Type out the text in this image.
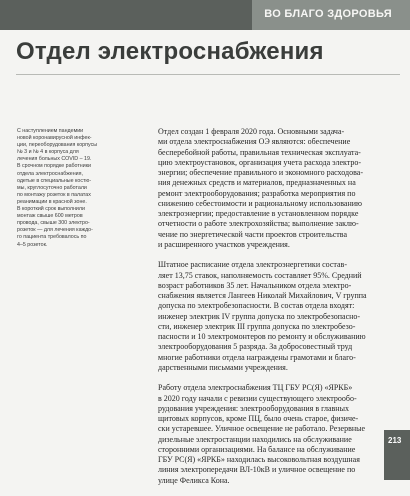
ВО БЛАГО ЗДОРОВЬЯ
Отдел электроснабжения
С наступлением пандемии
новой коронавирусной инфек-
ции, переоборудования корпусы
№ 3 и № 4 в корпуса для
лечения больных COVID – 19.
В срочном порядке работники
отдела электроснабжения,
одетые в специальные костю-
мы, круглосуточно работали
по монтажу розеток в палатах
реанимации в красной зоне.
В короткий срок выполнили
монтаж свыше 600 метров
провода, свыше 300 электро-
розеток — для лечения каждо-
го пациента требовалось по
4–5 розеток.

Отдел создан 1 февраля 2020 года. Основными задача-
ми отдела электроснабжения ОЭ являются: обеспечение
бесперебойной работы, правильная техническая эксплуата-
цию электроустановок, организация учета расхода электро-
энергии; обеспечение правильного и экономного расходова-
ния денежных средств и материалов, предназначенных на
ремонт электрооборудования; разработка мероприятия по
снижению себестоимости и рациональному использованию
электроэнергии; предоставление в установленном порядке
отчетности о работе электрохозяйства; выполнение заклю-
чение по энергетической части проектов строительства
и расширенного участков учреждения.

Штатное расписание отдела электроэнергетики состав-
ляет 13,75 ставок, наполняемость составляет 95%. Средний
возраст работников 35 лет. Начальником отдела электро-
снабжения является Лангеев Николай Михайлович, V группа
допуска по электробезопасности. В состав отдела входят:
инженер электрик IV группа допуска по электробезопасно-
сти, инженер электрик III группа допуска по электробезо-
пасности и 10 электромонтеров по ремонту и обслуживанию
электрооборудования 5 разряда. За добросовестный труд
многие работники отдела награждены грамотами и благо-
дарственными письмами учреждения.

Работу отдела электроснабжения ТЦ ГБУ РС(Я) «ЯРКБ»
в 2020 году начали с ревизии существующего электрообо-
рудования учреждения: электрооборудования в главных
щитовых корпусов, кроме ПЦ, было очень старое, физиче-
ски устаревшее. Уличное освещение не работало. Резервные
дизельные электростанции находились на обслуживание
сторонними организациями. На балансе на обслуживание
ГБУ РС(Я) «ЯРКБ» находилась высоковольтная воздушная
линия электропередачи ВЛ-10кВ и уличное освещение по
улице Феликса Кона.

213
